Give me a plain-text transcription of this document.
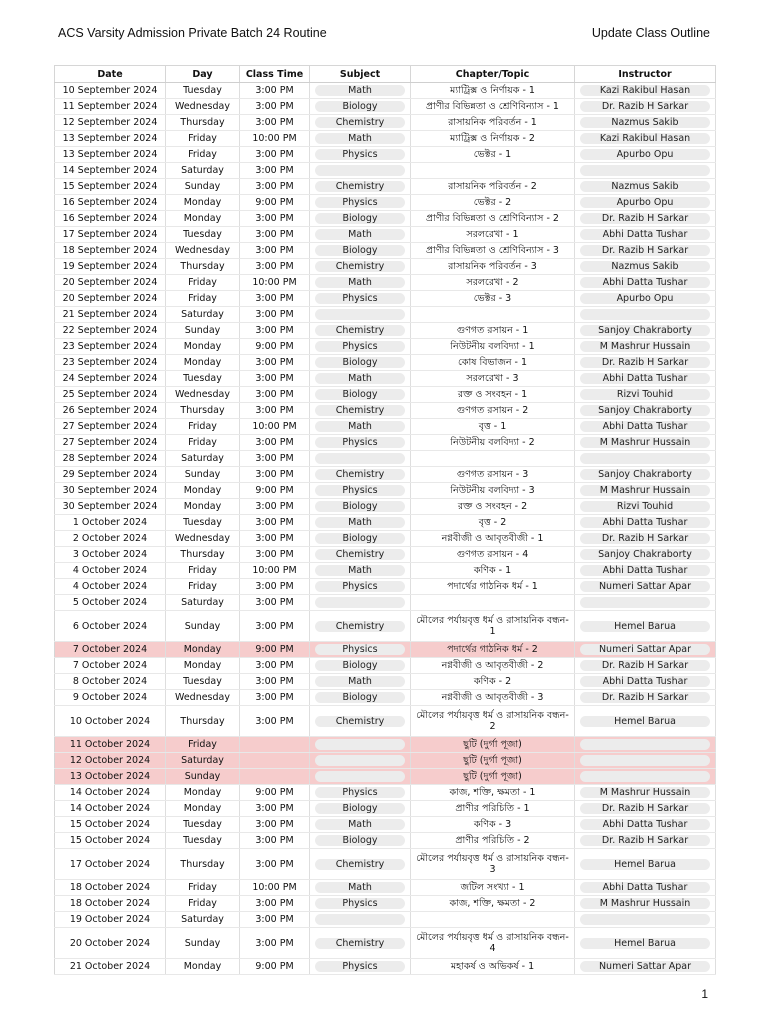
ACS Varsity Admission Private Batch 24 Routine	Update Class Outline
Date	Day	Class Time	Subject	Chapter/Topic	Instructor
10 September 2024	Tuesday	3:00 PM	Math	ম্যাট্রিক্স ও নির্ণায়ক - 1	Kazi Rakibul Hasan

11 September 2024	Wednesday	3:00 PM	Biology	প্রাণীর বিভিন্নতা ও শ্রেণিবিন্যাস - 1	Dr. Razib H Sarkar

12 September 2024	Thursday	3:00 PM	Chemistry	রাসায়নিক পরিবর্তন - 1	Nazmus Sakib

13 September 2024	Friday	10:00 PM	Math	ম্যাট্রিক্স ও নির্ণায়ক - 2	Kazi Rakibul Hasan

13 September 2024	Friday	3:00 PM	Physics	ভেক্টর - 1	Apurbo Opu

14 September 2024	Saturday	3:00 PM	

15 September 2024	Sunday	3:00 PM	Chemistry	রাসায়নিক পরিবর্তন - 2	Nazmus Sakib

16 September 2024	Monday	9:00 PM	Physics	ভেক্টর - 2	Apurbo Opu

16 September 2024	Monday	3:00 PM	Biology	প্রাণীর বিভিন্নতা ও শ্রেণিবিন্যাস - 2	Dr. Razib H Sarkar

17 September 2024	Tuesday	3:00 PM	Math	সরলরেখা - 1	Abhi Datta Tushar

18 September 2024	Wednesday	3:00 PM	Biology	প্রাণীর বিভিন্নতা ও শ্রেণিবিন্যাস - 3	Dr. Razib H Sarkar

19 September 2024	Thursday	3:00 PM	Chemistry	রাসায়নিক পরিবর্তন - 3	Nazmus Sakib

20 September 2024	Friday	10:00 PM	Math	সরলরেখা - 2	Abhi Datta Tushar

20 September 2024	Friday	3:00 PM	Physics	ভেক্টর - 3	Apurbo Opu

21 September 2024	Saturday	3:00 PM	

22 September 2024	Sunday	3:00 PM	Chemistry	গুণগত রসায়ন - 1	Sanjoy Chakraborty

23 September 2024	Monday	9:00 PM	Physics	নিউটনীয় বলবিদ্যা - 1	M Mashrur Hussain

23 September 2024	Monday	3:00 PM	Biology	কোষ বিভাজন - 1	Dr. Razib H Sarkar

24 September 2024	Tuesday	3:00 PM	Math	সরলরেখা - 3	Abhi Datta Tushar

25 September 2024	Wednesday	3:00 PM	Biology	রক্ত ও সংবহন - 1	Rizvi Touhid

26 September 2024	Thursday	3:00 PM	Chemistry	গুণগত রসায়ন - 2	Sanjoy Chakraborty

27 September 2024	Friday	10:00 PM	Math	বৃত্ত - 1	Abhi Datta Tushar

27 September 2024	Friday	3:00 PM	Physics	নিউটনীয় বলবিদ্যা - 2	M Mashrur Hussain

28 September 2024	Saturday	3:00 PM	

29 September 2024	Sunday	3:00 PM	Chemistry	গুণগত রসায়ন - 3	Sanjoy Chakraborty

30 September 2024	Monday	9:00 PM	Physics	নিউটনীয় বলবিদ্যা - 3	M Mashrur Hussain

30 September 2024	Monday	3:00 PM	Biology	রক্ত ও সংবহন - 2	Rizvi Touhid

1 October 2024	Tuesday	3:00 PM	Math	বৃত্ত - 2	Abhi Datta Tushar

2 October 2024	Wednesday	3:00 PM	Biology	নগ্নবীজী ও আবৃতবীজী - 1	Dr. Razib H Sarkar

3 October 2024	Thursday	3:00 PM	Chemistry	গুণগত রসায়ন - 4	Sanjoy Chakraborty

4 October 2024	Friday	10:00 PM	Math	কণিক - 1	Abhi Datta Tushar

4 October 2024	Friday	3:00 PM	Physics	পদার্থের গাঠনিক ধর্ম - 1	Numeri Sattar Apar

5 October 2024	Saturday	3:00 PM	

6 October 2024	Sunday	3:00 PM	Chemistry	মৌলের পর্যায়বৃত্ত ধর্ম ও রাসায়নিক বন্ধন- 1	Hemel Barua

7 October 2024	Monday	9:00 PM	Physics	পদার্থের গাঠনিক ধর্ম - 2	Numeri Sattar Apar

7 October 2024	Monday	3:00 PM	Biology	নগ্নবীজী ও আবৃতবীজী - 2	Dr. Razib H Sarkar

8 October 2024	Tuesday	3:00 PM	Math	কণিক - 2	Abhi Datta Tushar

9 October 2024	Wednesday	3:00 PM	Biology	নগ্নবীজী ও আবৃতবীজী - 3	Dr. Razib H Sarkar

10 October 2024	Thursday	3:00 PM	Chemistry	মৌলের পর্যায়বৃত্ত ধর্ম ও রাসায়নিক বন্ধন- 2	Hemel Barua

11 October 2024	Friday			ছুটি (দুর্গা পূজা)	

12 October 2024	Saturday			ছুটি (দুর্গা পূজা)	

13 October 2024	Sunday			ছুটি (দুর্গা পূজা)	

14 October 2024	Monday	9:00 PM	Physics	কাজ, শক্তি, ক্ষমতা - 1	M Mashrur Hussain

14 October 2024	Monday	3:00 PM	Biology	প্রাণীর পরিচিতি - 1	Dr. Razib H Sarkar

15 October 2024	Tuesday	3:00 PM	Math	কণিক - 3	Abhi Datta Tushar

15 October 2024	Tuesday	3:00 PM	Biology	প্রাণীর পরিচিতি - 2	Dr. Razib H Sarkar

17 October 2024	Thursday	3:00 PM	Chemistry	মৌলের পর্যায়বৃত্ত ধর্ম ও রাসায়নিক বন্ধন- 3	Hemel Barua

18 October 2024	Friday	10:00 PM	Math	জটিল সংখ্যা - 1	Abhi Datta Tushar

18 October 2024	Friday	3:00 PM	Physics	কাজ, শক্তি, ক্ষমতা - 2	M Mashrur Hussain

19 October 2024	Saturday	3:00 PM	

20 October 2024	Sunday	3:00 PM	Chemistry	মৌলের পর্যায়বৃত্ত ধর্ম ও রাসায়নিক বন্ধন- 4	Hemel Barua

21 October 2024	Monday	9:00 PM	Physics	মহাকর্ষ ও অভিকর্ষ - 1	Numeri Sattar Apar
1
